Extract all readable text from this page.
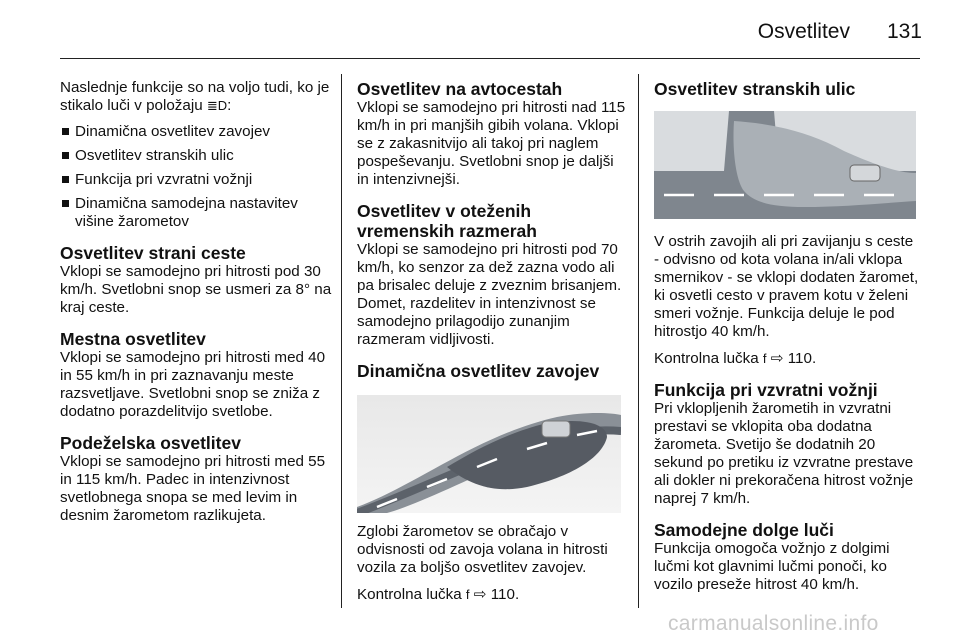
Osvetlitev	131

Naslednje funkcije so na voljo tudi, ko je stikalo luči v položaju ≣D:

Dinamična osvetlitev zavojev
Osvetlitev stranskih ulic
Funkcija pri vzvratni vožnji
Dinamična samodejna nastavitev višine žarometov
Osvetlitev strani ceste
Vklopi se samodejno pri hitrosti pod 30 km/h. Svetlobni snop se usmeri za 8° na kraj ceste.
Mestna osvetlitev
Vklopi se samodejno pri hitrosti med 40 in 55 km/h in pri zaznavanju meste razsvetljave. Svetlobni snop se zniža z dodatno porazdelitvijo svetlobe.
Podeželska osvetlitev
Vklopi se samodejno pri hitrosti med 55 in 115 km/h. Padec in intenzivnost svetlobnega snopa se med levim in desnim žarometom razlikujeta.
Osvetlitev na avtocestah
Vklopi se samodejno pri hitrosti nad 115 km/h in pri manjših gibih volana. Vklopi se z zakasnitvijo ali takoj pri naglem pospeševanju. Svetlobni snop je daljši in intenzivnejši.
Osvetlitev v oteženih vremenskih razmerah
Vklopi se samodejno pri hitrosti pod 70 km/h, ko senzor za dež zazna vodo ali pa brisalec deluje z zveznim brisanjem. Domet, razdelitev in intenzivnost se samodejno prilagodijo zunanjim razmeram vidljivosti.
Dinamična osvetlitev zavojev

Zglobi žarometov se obračajo v odvisnosti od zavoja volana in hitrosti vozila za boljšo osvetlitev zavojev.

Kontrolna lučka f ⇨ 110.

Osvetlitev stranskih ulic

V ostrih zavojih ali pri zavijanju s ceste - odvisno od kota volana in/ali vklopa smernikov - se vklopi dodaten žaromet, ki osvetli cesto v pravem kotu v želeni smeri vožnje. Funkcija deluje le pod hitrostjo 40 km/h.

Kontrolna lučka f ⇨ 110.

Funkcija pri vzvratni vožnji
Pri vklopljenih žarometih in vzvratni prestavi se vklopita oba dodatna žarometa. Svetijo še dodatnih 20 sekund po pretiku iz vzvratne prestave ali dokler ni prekoračena hitrost vožnje naprej 7 km/h.
Samodejne dolge luči
Funkcija omogoča vožnjo z dolgimi lučmi kot glavnimi lučmi ponoči, ko vozilo preseže hitrost 40 km/h.
carmanualsonline.info
